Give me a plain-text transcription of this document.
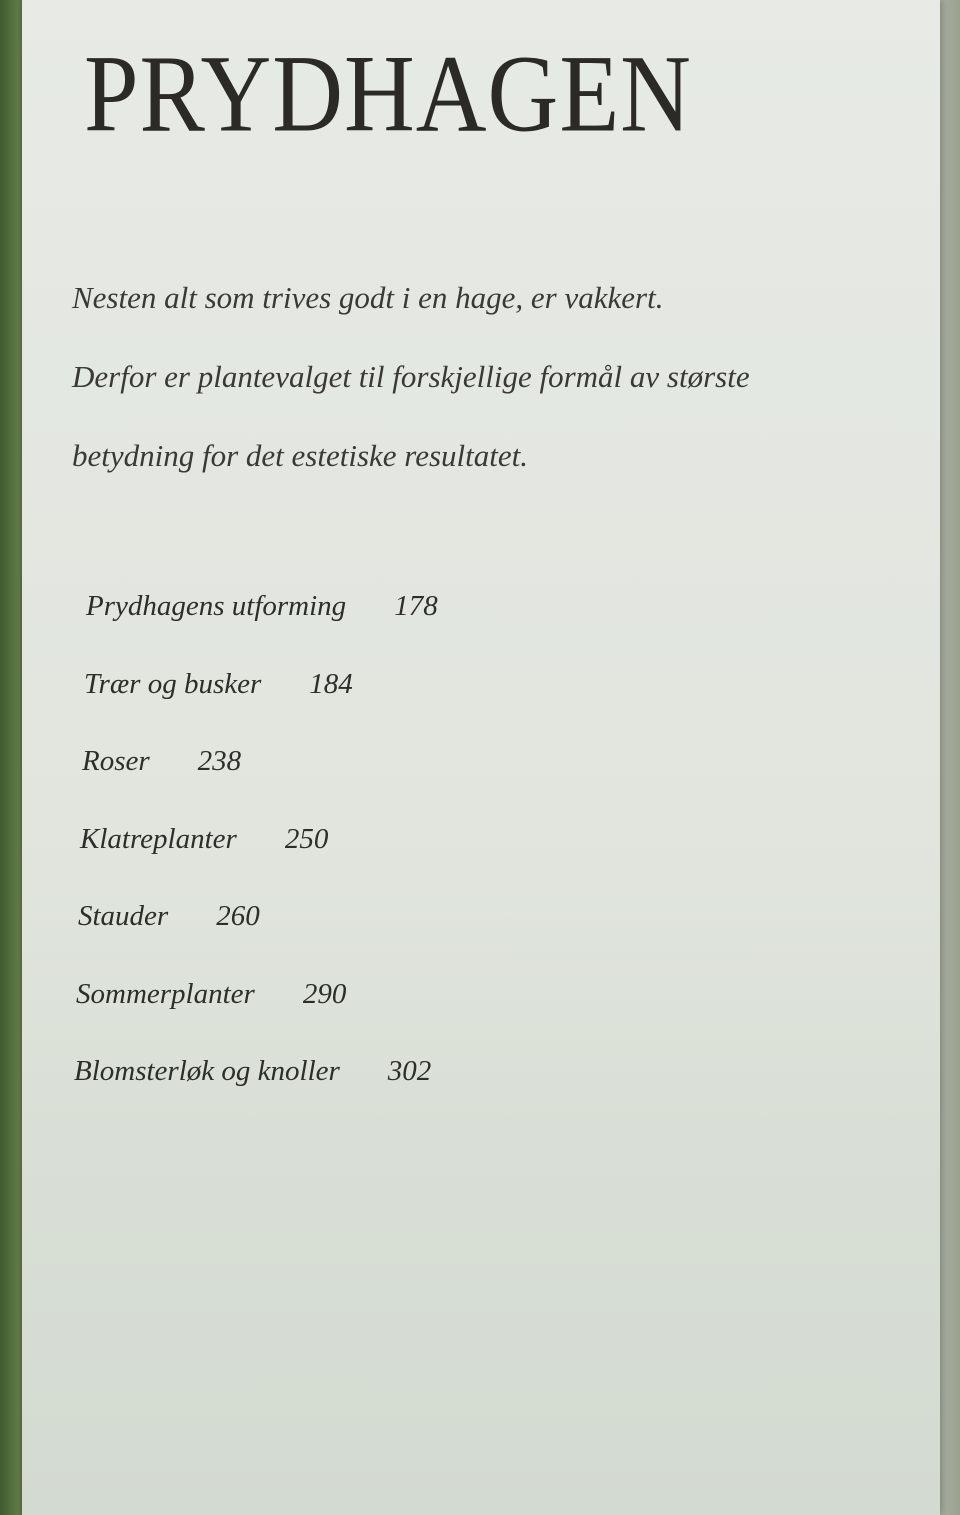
PRYDHAGEN
Nesten alt som trives godt i en hage, er vakkert.
Derfor er plantevalget til forskjellige formål av største
betydning for det estetiske resultatet.
Prydhagens utforming 178
Trær og busker 184
Roser 238
Klatreplanter 250
Stauder 260
Sommerplanter 290
Blomsterløk og knoller 302
